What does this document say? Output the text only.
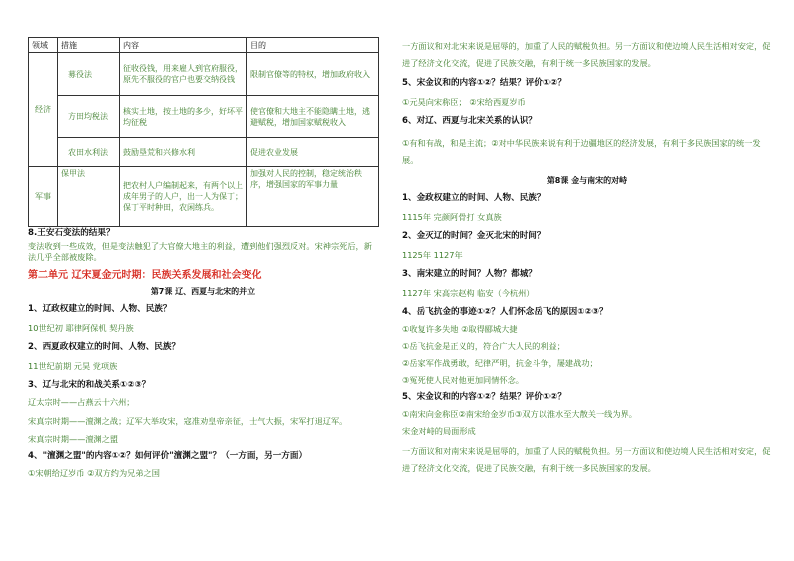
领域	措施	内容	目的
经济	募役法	征收役钱，用来雇人到官府服役，原先不服役的官户也要交纳役钱	限制官僚等的特权，增加政府收入
	方田均税法	核实土地，按土地的多少，好坏平均征税	使官僚和大地主不能隐瞒土地，逃避赋税，增加国家赋税收入
	农田水利法	鼓励垦荒和兴修水利	促进农业发展
军事	保甲法	把农村人户编制起来，有两个以上成年男子的人户，出一人为保丁；保丁平时种田，农闲练兵。	加强对人民的控制，稳定统治秩序，增强国家的军事力量

8.王安石变法的结果？

变法收到一些成效，但是变法触犯了大官僚大地主的利益，遭到他们强烈反对。宋神宗死后，新法几乎全部被废除。

第二单元 辽宋夏金元时期：民族关系发展和社会变化

第7课 辽、西夏与北宋的并立

1、辽政权建立的时间、人物、民族？

10世纪初 耶律阿保机 契丹族

2、西夏政权建立的时间、人物、民族？

11世纪前期 元昊 党项族

3、辽与北宋的和战关系①②③？

辽太宗时——占燕云十六州；

宋真宗时期——澶渊之战；辽军大举攻宋，寇准劝皇帝亲征，士气大振，宋军打退辽军。

宋真宗时期——澶渊之盟

4、"澶渊之盟"的内容①②？如何评价"澶渊之盟"？（一方面，另一方面）

①宋朝给辽岁币 ②双方约为兄弟之国

一方面议和对北宋来说是屈辱的，加重了人民的赋税负担。另一方面议和使边境人民生活相对安定，促进了经济文化交流，促进了民族交融，有利于统一多民族国家的发展。

5、宋金议和的内容①②？结果？评价①②？

①元昊向宋称臣； ②宋给西夏岁币

6、对辽、西夏与北宋关系的认识？

①有和有战，和是主流；②对中华民族来说有利于边疆地区的经济发展，有利于多民族国家的统一发展。

第8课 金与南宋的对峙

1、金政权建立的时间、人物、民族？

1115年 完颜阿骨打 女真族

2、金灭辽的时间？金灭北宋的时间？

1125年 1127年

3、南宋建立的时间？人物？都城？

1127年 宋高宗赵构 临安（今杭州）

4、岳飞抗金的事迹①②？人们怀念岳飞的原因①②③？

①收复许多失地 ②取得郾城大捷

①岳飞抗金是正义的，符合广大人民的利益；

②岳家军作战勇敢，纪律严明，抗金斗争，屡建战功；

③冤死使人民对他更加同情怀念。

5、宋金议和的内容①②？结果？评价①②？

①南宋向金称臣②南宋给金岁币③双方以淮水至大散关一线为界。

宋金对峙的局面形成

一方面议和对南宋来说是屈辱的，加重了人民的赋税负担。另一方面议和使边境人民生活相对安定，促进了经济文化交流，促进了民族交融，有利于统一多民族国家的发展。
